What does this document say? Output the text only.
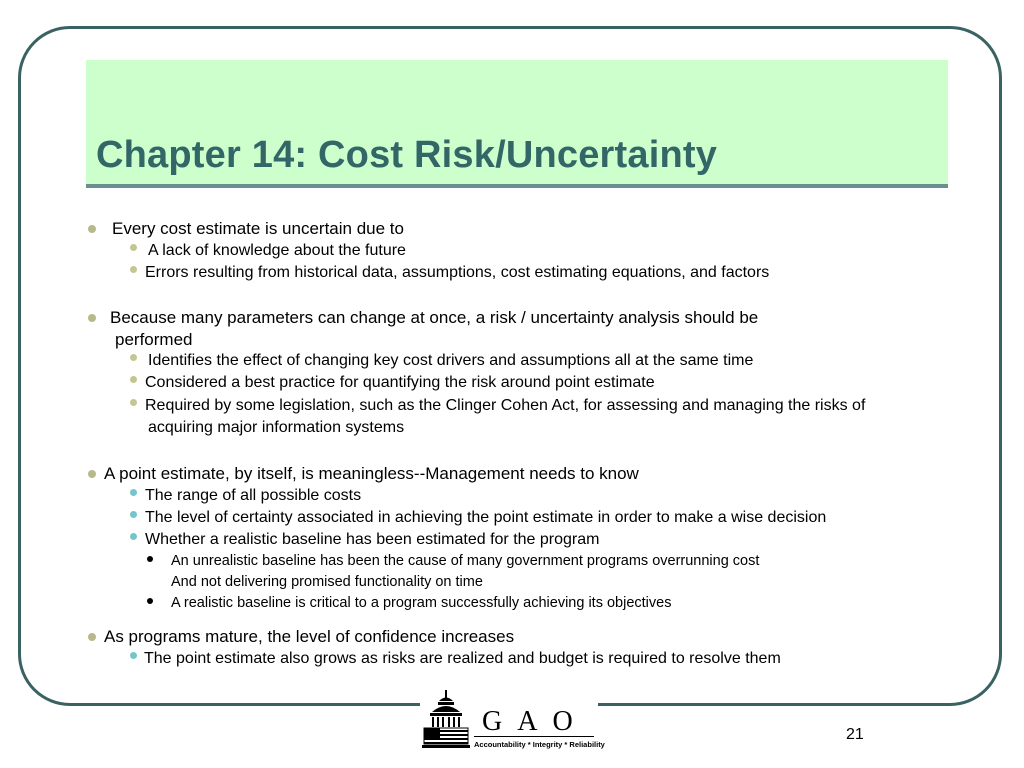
Chapter 14: Cost Risk/Uncertainty
Every cost estimate is uncertain due to
A lack of knowledge about the future
Errors resulting from historical data, assumptions, cost estimating equations, and factors
Because many parameters can change at once, a risk / uncertainty analysis should be
performed
Identifies the effect of changing key cost drivers and assumptions all at the same time
Considered a best practice for quantifying the risk around point estimate
Required by some legislation, such as the Clinger Cohen Act, for assessing and managing the risks of
acquiring major information systems
A point estimate, by itself, is meaningless--Management needs to know
The range of all possible costs
The level of certainty associated in achieving the point estimate in order to make a wise decision
Whether a realistic baseline has been estimated for the program
An unrealistic baseline has been the cause of many government programs overrunning cost
And not delivering promised functionality on time
A realistic baseline is critical to a program successfully achieving its objectives
As programs mature, the level of confidence increases
The point estimate also grows as risks are realized and budget is required to resolve them
GAO
Accountability * Integrity * Reliability
21
